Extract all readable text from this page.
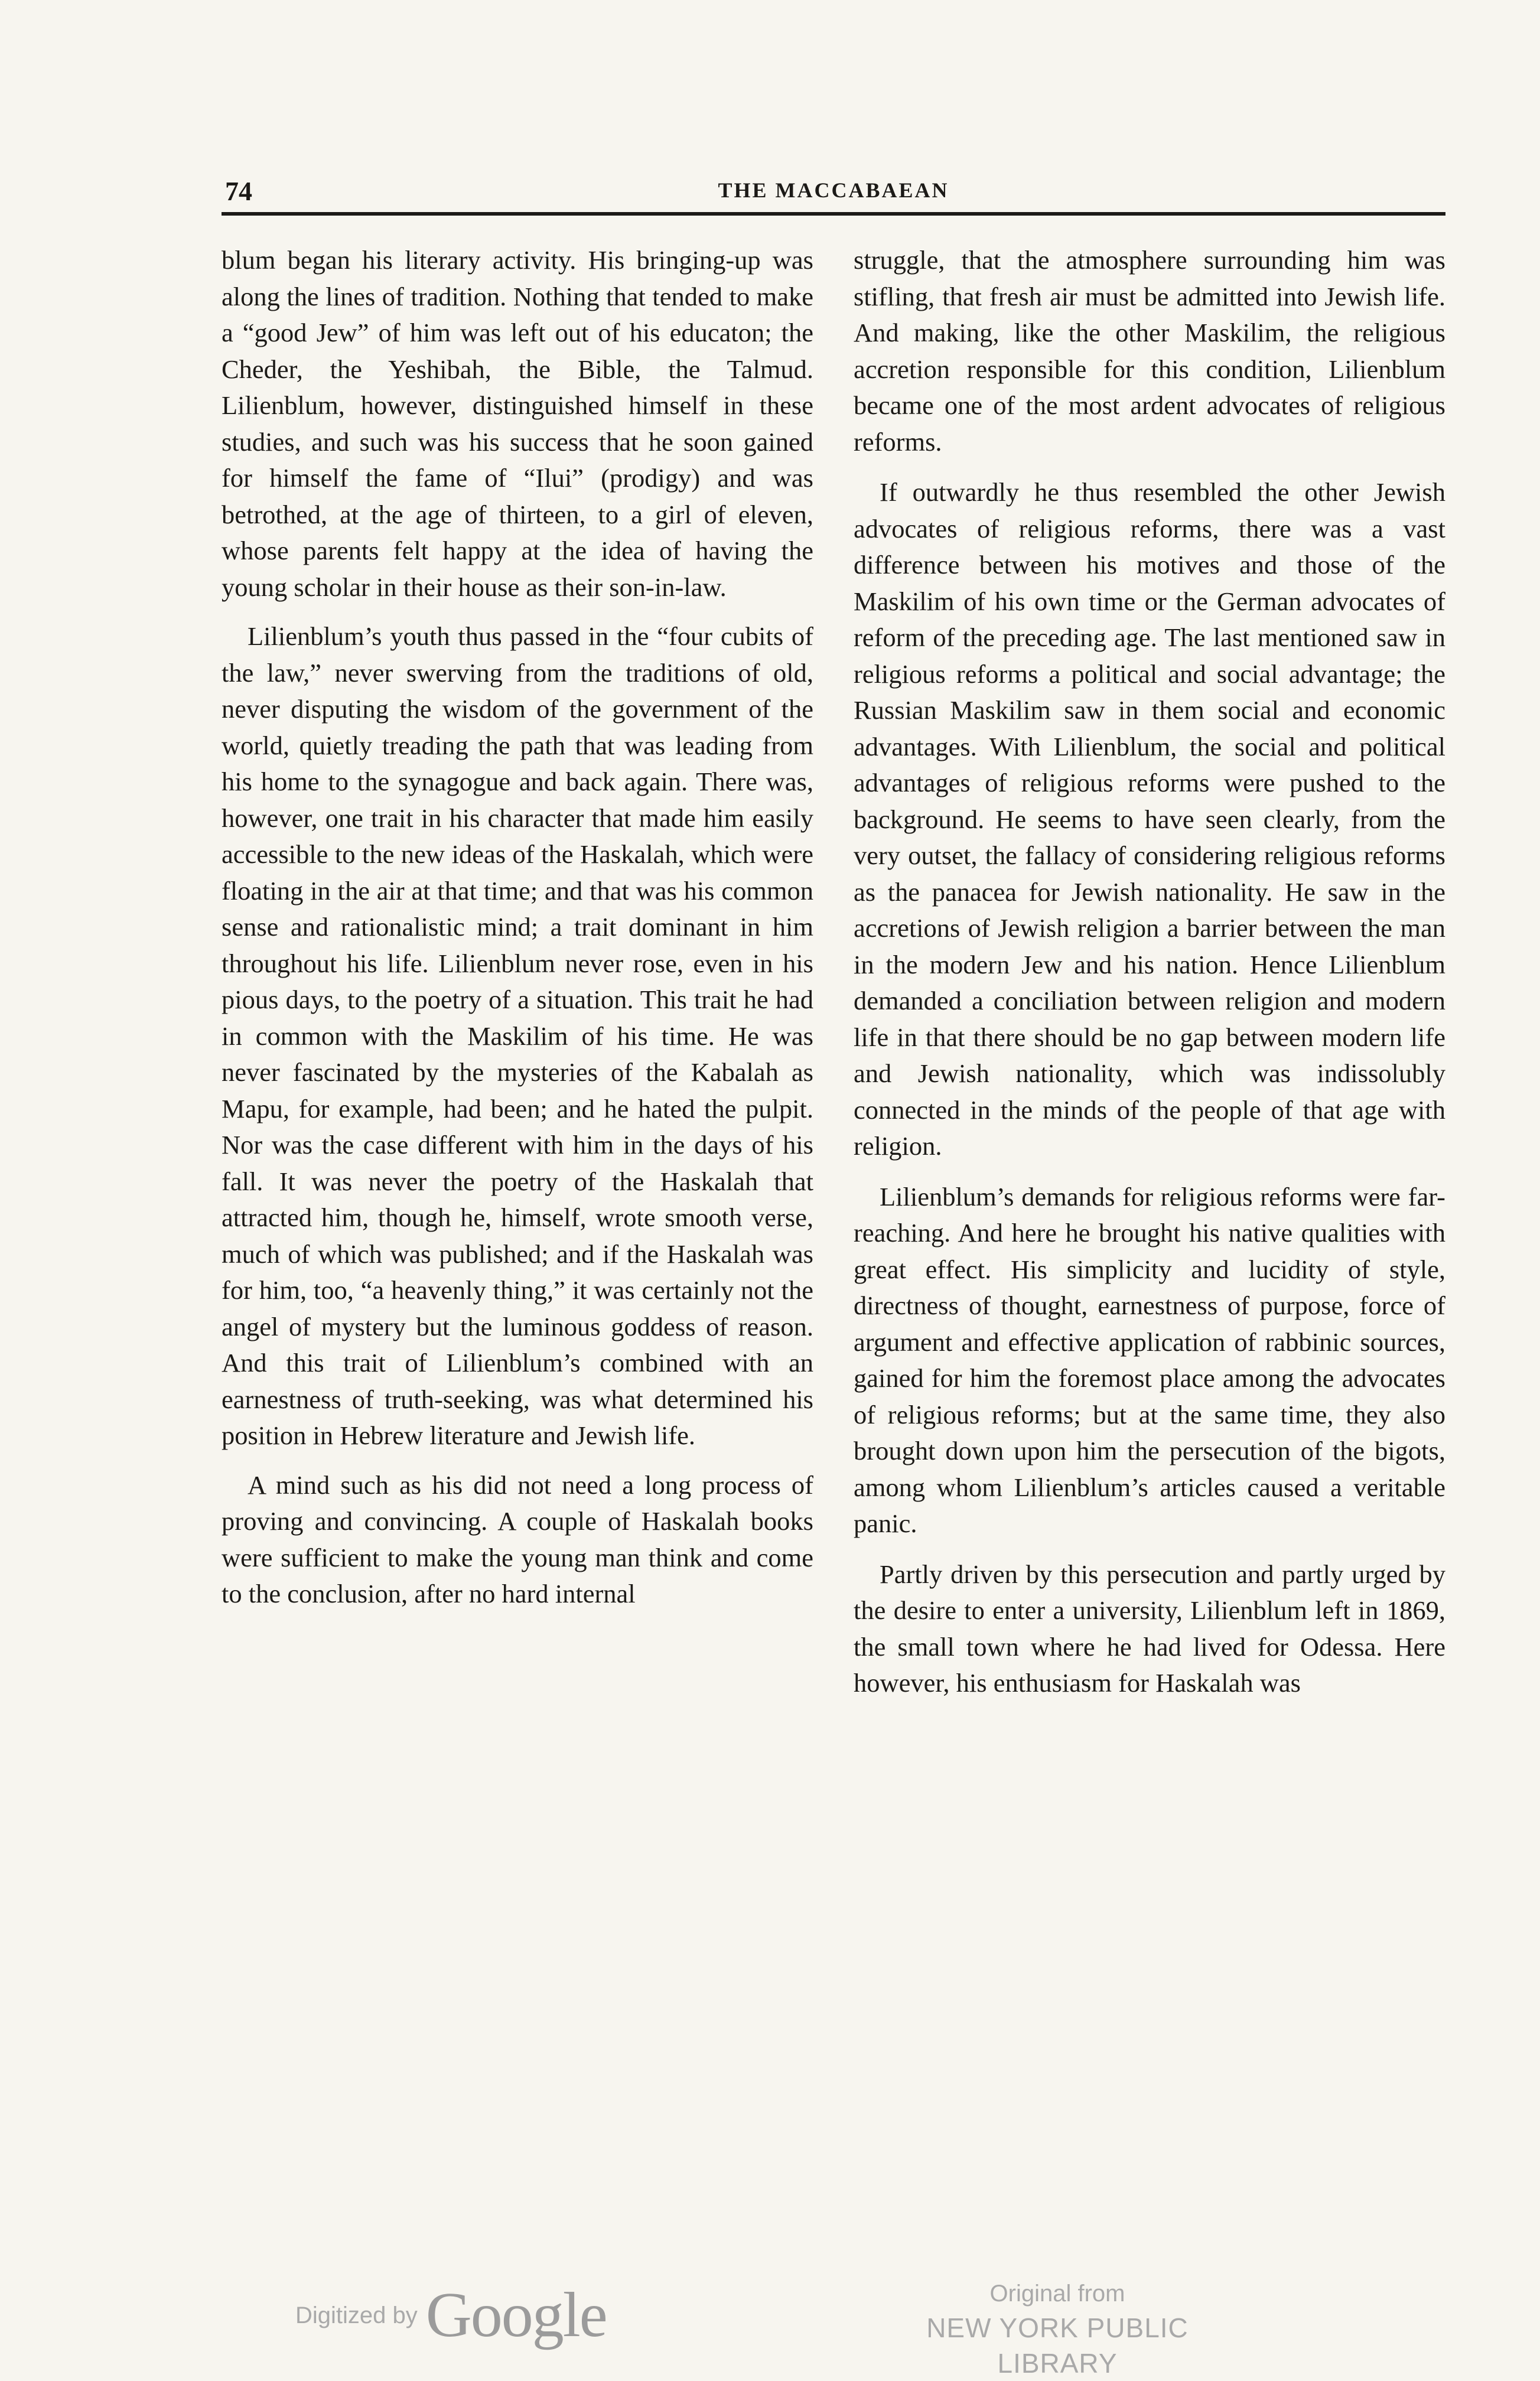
74	THE MACCABAEAN

blum began his literary activity. His bringing-up was along the lines of tradition. Nothing that tended to make a “good Jew” of him was left out of his educaton; the Cheder, the Yeshibah, the Bible, the Talmud. Lilienblum, however, distinguished himself in these studies, and such was his success that he soon gained for himself the fame of “Ilui” (prodigy) and was betrothed, at the age of thirteen, to a girl of eleven, whose parents felt happy at the idea of having the young scholar in their house as their son-in-law.

Lilienblum’s youth thus passed in the “four cubits of the law,” never swerving from the traditions of old, never disputing the wisdom of the government of the world, quietly treading the path that was leading from his home to the synagogue and back again. There was, however, one trait in his character that made him easily accessible to the new ideas of the Haskalah, which were floating in the air at that time; and that was his common sense and rationalistic mind; a trait dominant in him throughout his life. Lilienblum never rose, even in his pious days, to the poetry of a situation. This trait he had in common with the Maskilim of his time. He was never fascinated by the mysteries of the Kabalah as Mapu, for example, had been; and he hated the pulpit. Nor was the case different with him in the days of his fall. It was never the poetry of the Haskalah that attracted him, though he, himself, wrote smooth verse, much of which was published; and if the Haskalah was for him, too, “a heavenly thing,” it was certainly not the angel of mystery but the luminous goddess of reason. And this trait of Lilienblum’s combined with an earnestness of truth-seeking, was what determined his position in Hebrew literature and Jewish life.

A mind such as his did not need a long process of proving and convincing. A couple of Haskalah books were sufficient to make the young man think and come to the conclusion, after no hard internal

struggle, that the atmosphere surrounding him was stifling, that fresh air must be admitted into Jewish life. And making, like the other Maskilim, the religious accretion responsible for this condition, Lilienblum became one of the most ardent advocates of religious reforms.

If outwardly he thus resembled the other Jewish advocates of religious reforms, there was a vast difference between his motives and those of the Maskilim of his own time or the German advocates of reform of the preceding age. The last mentioned saw in religious reforms a political and social advantage; the Russian Maskilim saw in them social and economic advantages. With Lilienblum, the social and political advantages of religious reforms were pushed to the background. He seems to have seen clearly, from the very outset, the fallacy of considering religious reforms as the panacea for Jewish nationality. He saw in the accretions of Jewish religion a barrier between the man in the modern Jew and his nation. Hence Lilienblum demanded a conciliation between religion and modern life in that there should be no gap between modern life and Jewish nationality, which was indissolubly connected in the minds of the people of that age with religion.

Lilienblum’s demands for religious reforms were far-reaching. And here he brought his native qualities with great effect. His simplicity and lucidity of style, directness of thought, earnestness of purpose, force of argument and effective application of rabbinic sources, gained for him the foremost place among the advocates of religious reforms; but at the same time, they also brought down upon him the persecution of the bigots, among whom Lilienblum’s articles caused a veritable panic.

Partly driven by this persecution and partly urged by the desire to enter a university, Lilienblum left in 1869, the small town where he had lived for Odessa. Here however, his enthusiasm for Haskalah was

Digitized by Google	Original from
NEW YORK PUBLIC LIBRARY
